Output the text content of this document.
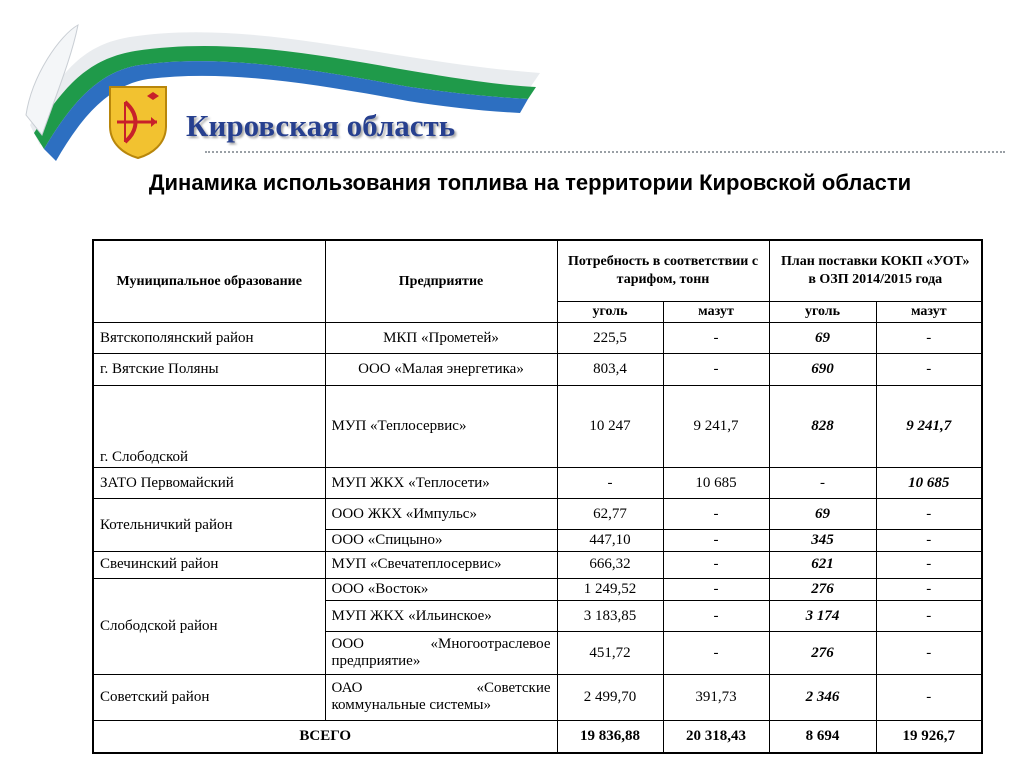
Кировская область
Динамика использования топлива на территории Кировской области
Муниципальное образование	Предприятие	Потребность в соответствии с тарифом, тонн		План поставки КОКП «УОТ» в ОЗП 2014/2015 года	
		уголь	мазут	уголь	мазут
Вятскополянский район	МКП «Прометей»	225,5	-	69	-
г. Вятские Поляны	ООО «Малая энергетика»	803,4	-	690	-
г. Слободской	МУП «Теплосервис»	10 247	9 241,7	828	9 241,7
ЗАТО Первомайский	МУП ЖКХ «Теплосети»	-	10 685	-	10 685
Котельничкий район	ООО ЖКХ «Импульс»	62,77	-	69	-
	ООО «Спицыно»	447,10	-	345	-
Свечинский район	МУП «Свечатеплосервис»	666,32	-	621	-
Слободской район	ООО «Восток»	1 249,52	-	276	-
	МУП ЖКХ «Ильинское»	3 183,85	-	3 174	-

	ООО «Многоотраслевое
предприятие»	451,72	-	276	-
Советский район	ОАО «Советские
коммунальные системы»	2 499,70	391,73	2 346	-
ВСЕГО		19 836,88	20 318,43	8 694	19 926,7
